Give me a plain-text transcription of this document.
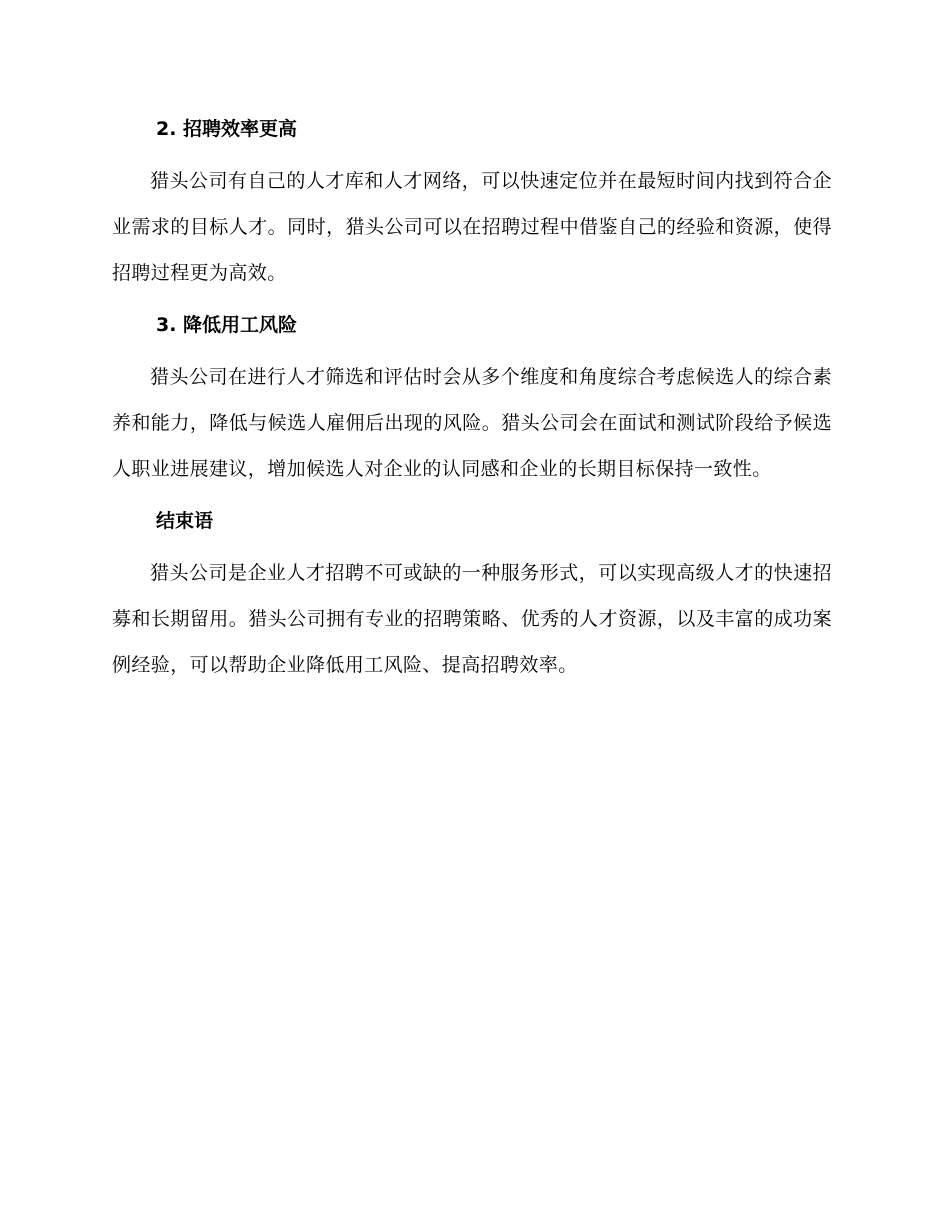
2. 招聘效率更高

猎头公司有自己的人才库和人才网络，可以快速定位并在最短时间内找到符合企业需求的目标人才。同时，猎头公司可以在招聘过程中借鉴自己的经验和资源，使得招聘过程更为高效。

3. 降低用工风险

猎头公司在进行人才筛选和评估时会从多个维度和角度综合考虑候选人的综合素养和能力，降低与候选人雇佣后出现的风险。猎头公司会在面试和测试阶段给予候选人职业进展建议，增加候选人对企业的认同感和企业的长期目标保持一致性。

结束语

猎头公司是企业人才招聘不可或缺的一种服务形式，可以实现高级人才的快速招募和长期留用。猎头公司拥有专业的招聘策略、优秀的人才资源，以及丰富的成功案例经验，可以帮助企业降低用工风险、提高招聘效率。
